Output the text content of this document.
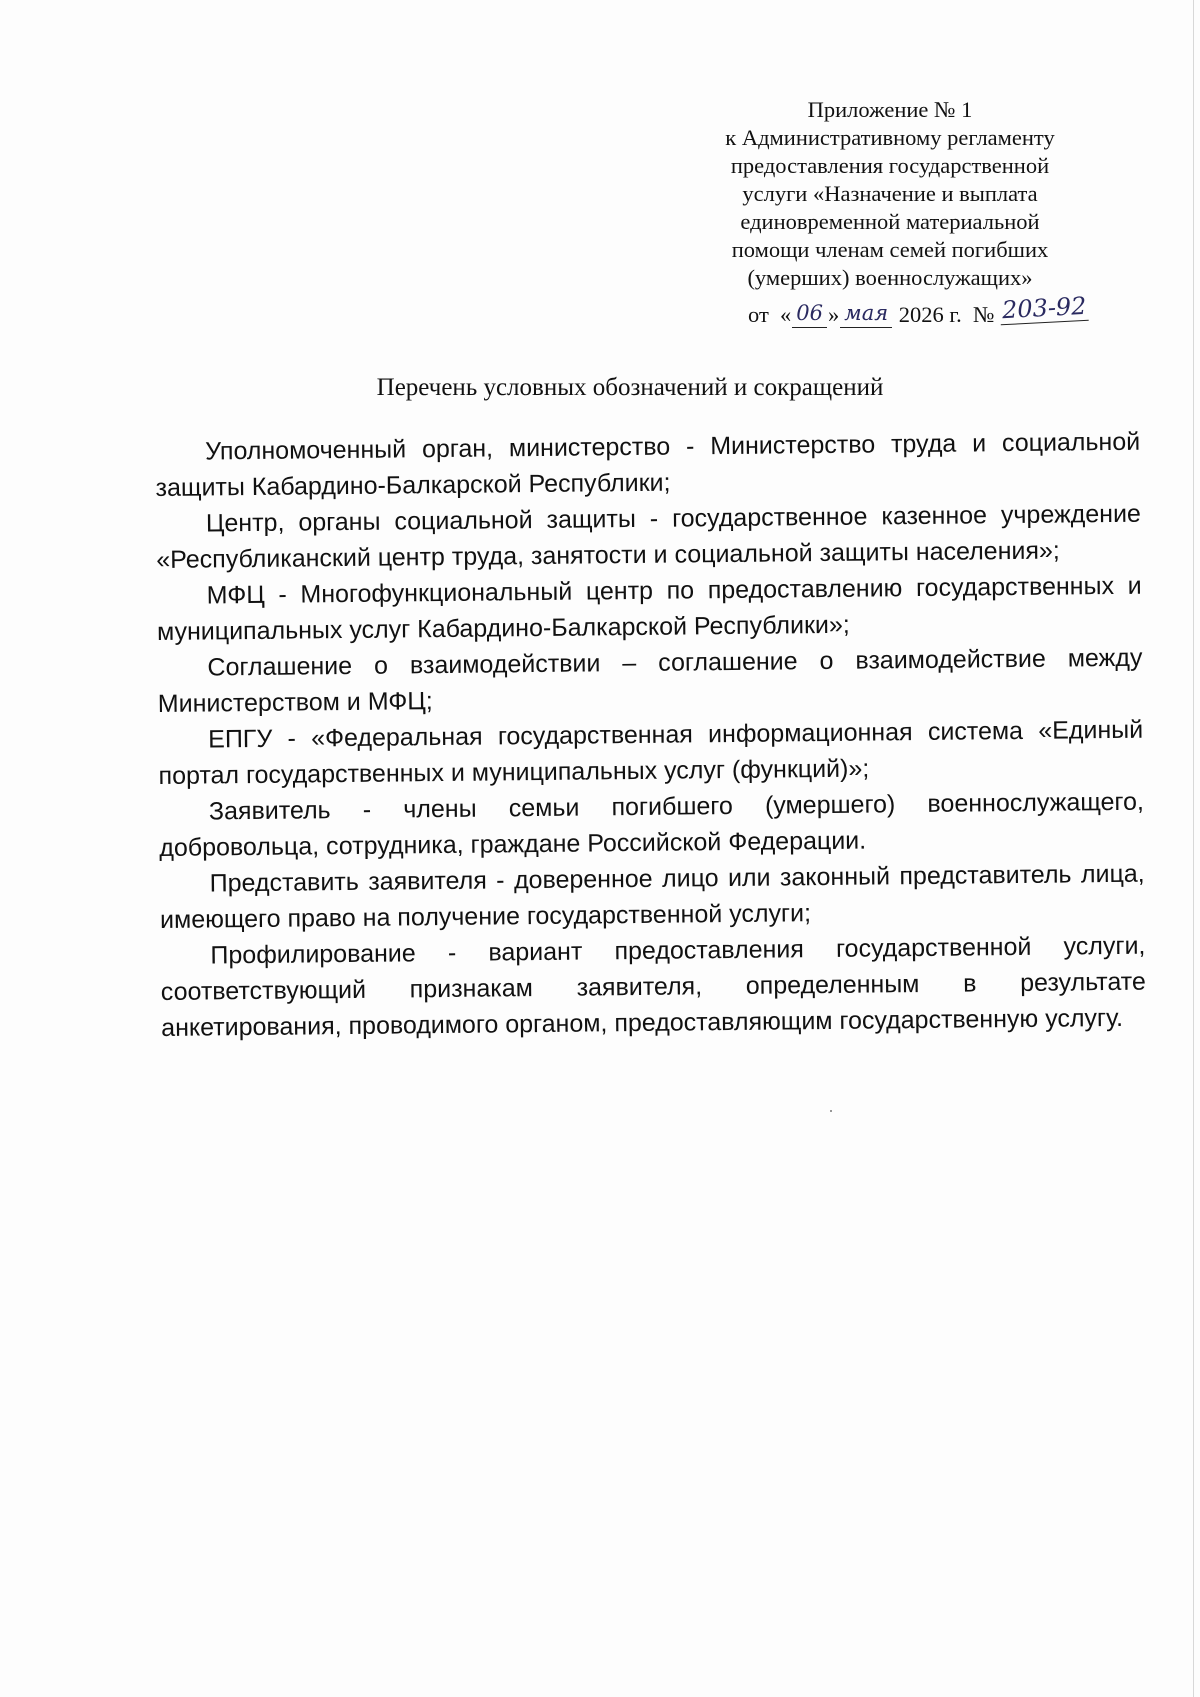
Приложение № 1
к Административному регламенту
предоставления государственной
услуги «Назначение и выплата
единовременной материальной
помощи членам семей погибших
(умерших) военнослужащих»
от « 06 » мая 2026 г. № 203-92
Перечень условных обозначений и сокращений

Уполномоченный орган, министерство - Министерство труда и социальной защиты Кабардино-Балкарской Республики;

Центр, органы социальной защиты - государственное казенное учреждение «Республиканский центр труда, занятости и социальной защиты населения»;

МФЦ - Многофункциональный центр по предоставлению государственных и муниципальных услуг Кабардино-Балкарской Республики»;

Соглашение о взаимодействии – соглашение о взаимодействие между Министерством и МФЦ;

ЕПГУ - «Федеральная государственная информационная система «Единый портал государственных и муниципальных услуг (функций)»;

Заявитель - члены семьи погибшего (умершего) военнослужащего, добровольца, сотрудника, граждане Российской Федерации.

Представить заявителя - доверенное лицо или законный представитель лица, имеющего право на получение государственной услуги;

Профилирование - вариант предоставления государственной услуги, соответствующий признакам заявителя, определенным в результате анкетирования, проводимого органом, предоставляющим государственную услугу.
